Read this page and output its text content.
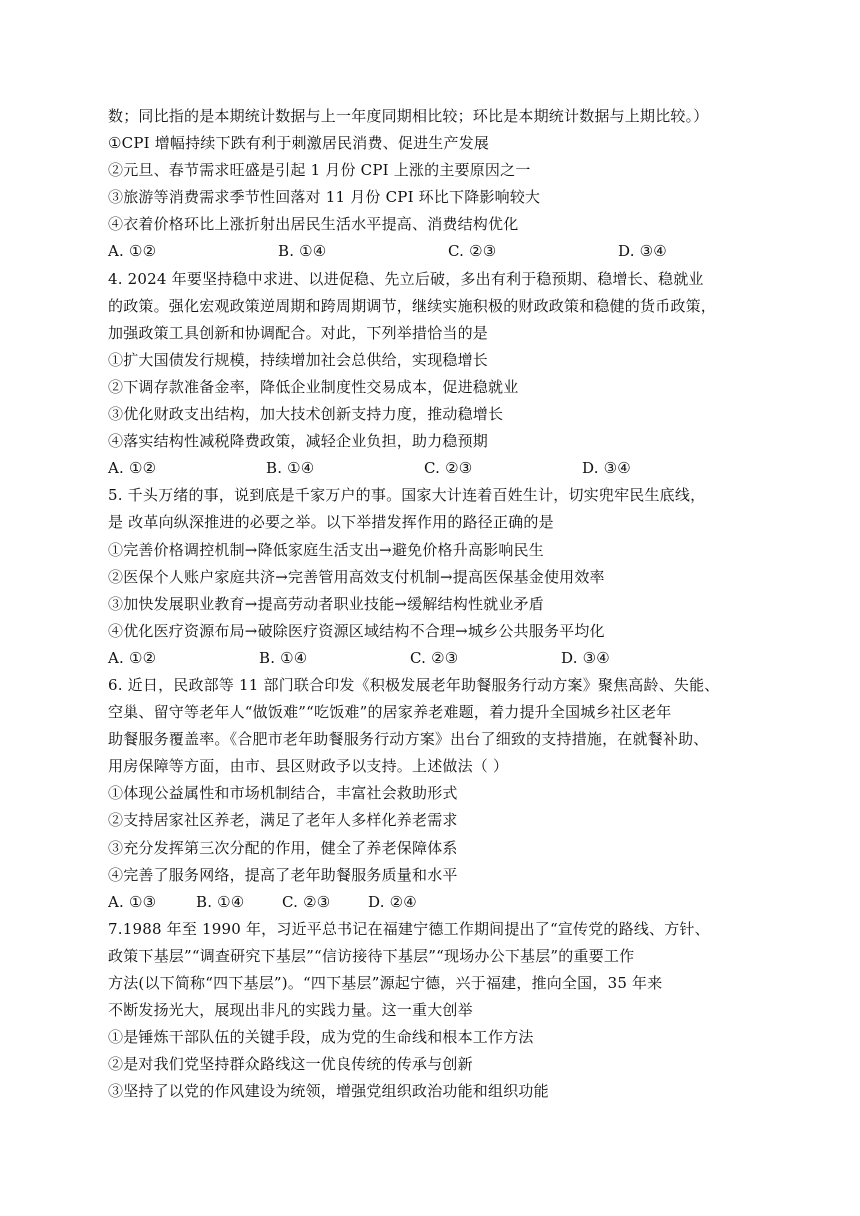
数；同比指的是本期统计数据与上一年度同期相比较；环比是本期统计数据与上期比较。）
①CPI 增幅持续下跌有利于刺激居民消费、促进生产发展
②元旦、春节需求旺盛是引起 1 月份 CPI 上涨的主要原因之一
③旅游等消费需求季节性回落对 11 月份 CPI 环比下降影响较大
④衣着价格环比上涨折射出居民生活水平提高、消费结构优化
A. ①②	B. ①④	C. ②③	D. ③④
4. 2024 年要坚持稳中求进、以进促稳、先立后破，多出有利于稳预期、稳增长、稳就业
的政策。强化宏观政策逆周期和跨周期调节，继续实施积极的财政政策和稳健的货币政策，
加强政策工具创新和协调配合。对此，下列举措恰当的是
①扩大国债发行规模，持续增加社会总供给，实现稳增长
②下调存款准备金率，降低企业制度性交易成本，促进稳就业
③优化财政支出结构，加大技术创新支持力度，推动稳增长
④落实结构性减税降费政策，减轻企业负担，助力稳预期
A. ①②	B. ①④	C. ②③	D. ③④
5. 千头万绪的事，说到底是千家万户的事。国家大计连着百姓生计，切实兜牢民生底线，
是 改革向纵深推进的必要之举。以下举措发挥作用的路径正确的是
①完善价格调控机制→降低家庭生活支出→避免价格升高影响民生
②医保个人账户家庭共济→完善管用高效支付机制→提高医保基金使用效率
③加快发展职业教育→提高劳动者职业技能→缓解结构性就业矛盾
④优化医疗资源布局→破除医疗资源区域结构不合理→城乡公共服务平均化
A. ①②	B. ①④	C. ②③	D. ③④
6. 近日，民政部等 11 部门联合印发《积极发展老年助餐服务行动方案》聚焦高龄、失能、
空巢、留守等老年人“做饭难”“吃饭难”的居家养老难题，着力提升全国城乡社区老年
助餐服务覆盖率。《合肥市老年助餐服务行动方案》出台了细致的支持措施，在就餐补助、
用房保障等方面，由市、县区财政予以支持。上述做法（ ）
①体现公益属性和市场机制结合，丰富社会救助形式
②支持居家社区养老，满足了老年人多样化养老需求
③充分发挥第三次分配的作用，健全了养老保障体系
④完善了服务网络，提高了老年助餐服务质量和水平
A. ①③	B. ①④	C. ②③	D. ②④
7.1988 年至 1990 年，习近平总书记在福建宁德工作期间提出了“宣传党的路线、方针、
政策下基层”“调查研究下基层”“信访接待下基层”“现场办公下基层”的重要工作
方法(以下简称“四下基层”)。“四下基层”源起宁德，兴于福建，推向全国，35 年来
不断发扬光大，展现出非凡的实践力量。这一重大创举
①是锤炼干部队伍的关键手段，成为党的生命线和根本工作方法
②是对我们党坚持群众路线这一优良传统的传承与创新
③坚持了以党的作风建设为统领，增强党组织政治功能和组织功能
